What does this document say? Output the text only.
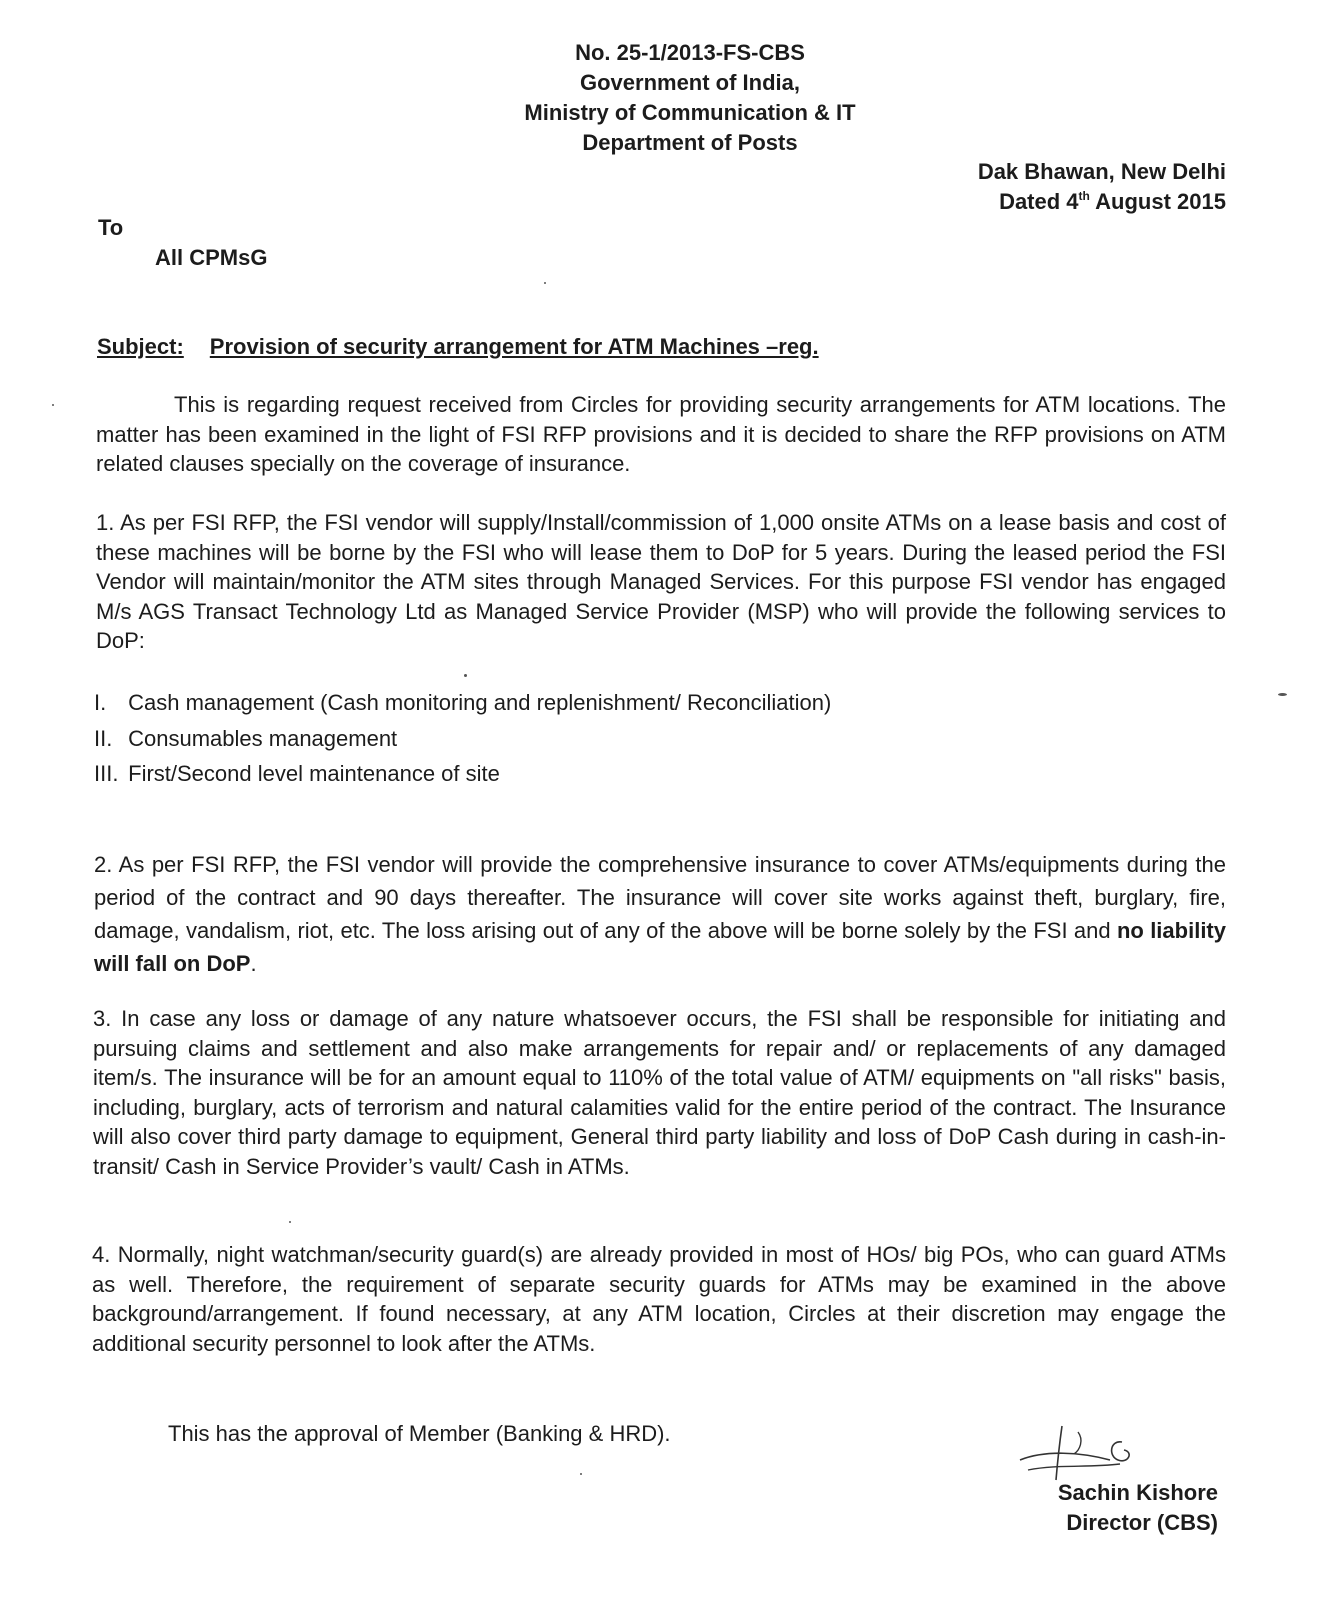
No. 25-1/2013-FS-CBS
Government of India,
Ministry of Communication & IT
Department of Posts
Dak Bhawan, New Delhi
Dated 4th August 2015
To
All CPMsG
Subject: Provision of security arrangement for ATM Machines –reg.
This is regarding request received from Circles for providing security arrangements for ATM locations. The matter has been examined in the light of FSI RFP provisions and it is decided to share the RFP provisions on ATM related clauses specially on the coverage of insurance.
1. As per FSI RFP, the FSI vendor will supply/Install/commission of 1,000 onsite ATMs on a lease basis and cost of these machines will be borne by the FSI who will lease them to DoP for 5 years. During the leased period the FSI Vendor will maintain/monitor the ATM sites through Managed Services. For this purpose FSI vendor has engaged M/s AGS Transact Technology Ltd as Managed Service Provider (MSP) who will provide the following services to DoP:
I. Cash management (Cash monitoring and replenishment/ Reconciliation)
II. Consumables management
III. First/Second level maintenance of site
2. As per FSI RFP, the FSI vendor will provide the comprehensive insurance to cover ATMs/equipments during the period of the contract and 90 days thereafter. The insurance will cover site works against theft, burglary, fire, damage, vandalism, riot, etc. The loss arising out of any of the above will be borne solely by the FSI and no liability will fall on DoP.
3. In case any loss or damage of any nature whatsoever occurs, the FSI shall be responsible for initiating and pursuing claims and settlement and also make arrangements for repair and/ or replacements of any damaged item/s. The insurance will be for an amount equal to 110% of the total value of ATM/ equipments on "all risks" basis, including, burglary, acts of terrorism and natural calamities valid for the entire period of the contract. The Insurance will also cover third party damage to equipment, General third party liability and loss of DoP Cash during in cash-in-transit/ Cash in Service Provider’s vault/ Cash in ATMs.
4. Normally, night watchman/security guard(s) are already provided in most of HOs/ big POs, who can guard ATMs as well. Therefore, the requirement of separate security guards for ATMs may be examined in the above background/arrangement. If found necessary, at any ATM location, Circles at their discretion may engage the additional security personnel to look after the ATMs.
This has the approval of Member (Banking & HRD).
Sachin Kishore
Director (CBS)
